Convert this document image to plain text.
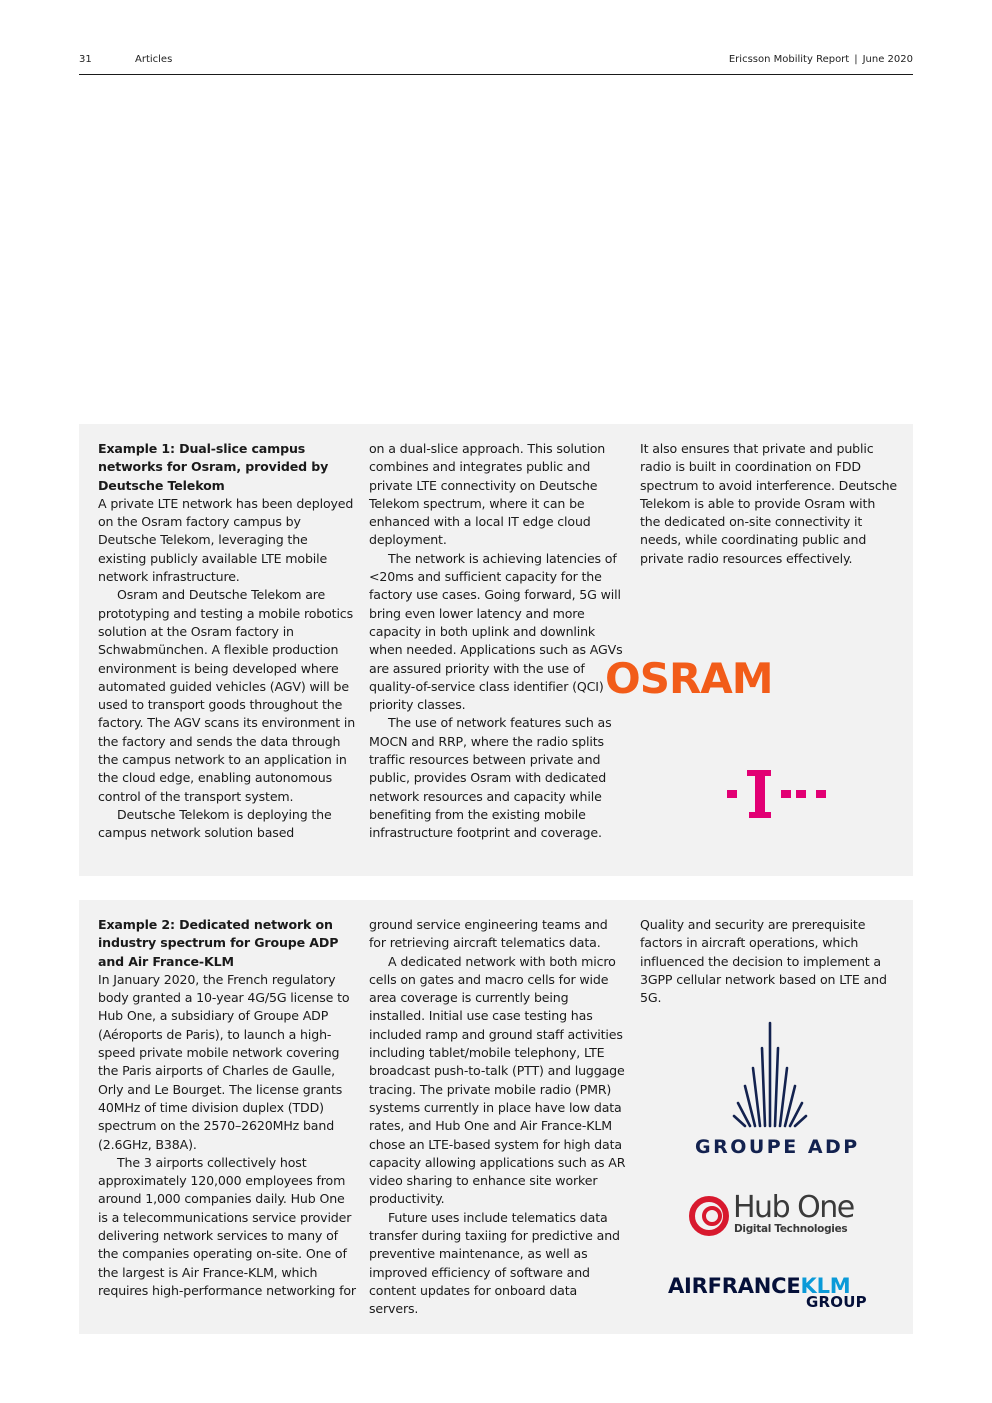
31	Articles	Ericsson Mobility Report | June 2020

Example 1: Dual-slice campus networks for Osram, provided by Deutsche Telekom

A private LTE network has been deployed on the Osram factory campus by Deutsche Telekom, leveraging the existing publicly available LTE mobile network infrastructure.

Osram and Deutsche Telekom are prototyping and testing a mobile robotics solution at the Osram factory in Schwabmünchen. A flexible production environment is being developed where automated guided vehicles (AGV) will be used to transport goods throughout the factory. The AGV scans its environment in the factory and sends the data through the campus network to an application in the cloud edge, enabling autonomous control of the transport system.

Deutsche Telekom is deploying the campus network solution based

on a dual-slice approach. This solution combines and integrates public and private LTE connectivity on Deutsche Telekom spectrum, where it can be enhanced with a local IT edge cloud deployment.

The network is achieving latencies of <20ms and sufficient capacity for the factory use cases. Going forward, 5G will bring even lower latency and more capacity in both uplink and downlink when needed. Applications such as AGVs are assured priority with the use of quality-of-service class identifier (QCI) priority classes.

The use of network features such as MOCN and RRP, where the radio splits traffic resources between private and public, provides Osram with dedicated network resources and capacity while benefiting from the existing mobile infrastructure footprint and coverage.

It also ensures that private and public radio is built in coordination on FDD spectrum to avoid interference. Deutsche Telekom is able to provide Osram with the dedicated on-site connectivity it needs, while coordinating public and private radio resources effectively.

OSRAM

Example 2: Dedicated network on industry spectrum for Groupe ADP and Air France-KLM

In January 2020, the French regulatory body granted a 10-year 4G/5G license to Hub One, a subsidiary of Groupe ADP (Aéroports de Paris), to launch a high-speed private mobile network covering the Paris airports of Charles de Gaulle, Orly and Le Bourget. The license grants 40MHz of time division duplex (TDD) spectrum on the 2570–2620MHz band (2.6GHz, B38A).

The 3 airports collectively host approximately 120,000 employees from around 1,000 companies daily. Hub One is a telecommunications service provider delivering network services to many of the companies operating on-site. One of the largest is Air France-KLM, which requires high-performance networking for

ground service engineering teams and for retrieving aircraft telematics data.

A dedicated network with both micro cells on gates and macro cells for wide area coverage is currently being installed. Initial use case testing has included ramp and ground staff activities including tablet/mobile telephony, LTE broadcast push-to-talk (PTT) and luggage tracing. The private mobile radio (PMR) systems currently in place have low data rates, and Hub One and Air France-KLM chose an LTE-based system for high data capacity allowing applications such as AR video sharing to enhance site worker productivity.

Future uses include telematics data transfer during taxiing for predictive and preventive maintenance, as well as improved efficiency of software and content updates for onboard data servers.

Quality and security are prerequisite factors in aircraft operations, which influenced the decision to implement a 3GPP cellular network based on LTE and 5G.

GROUPE ADP
Hub One
Digital Technologies
AIRFRANCEKLM
GROUP
